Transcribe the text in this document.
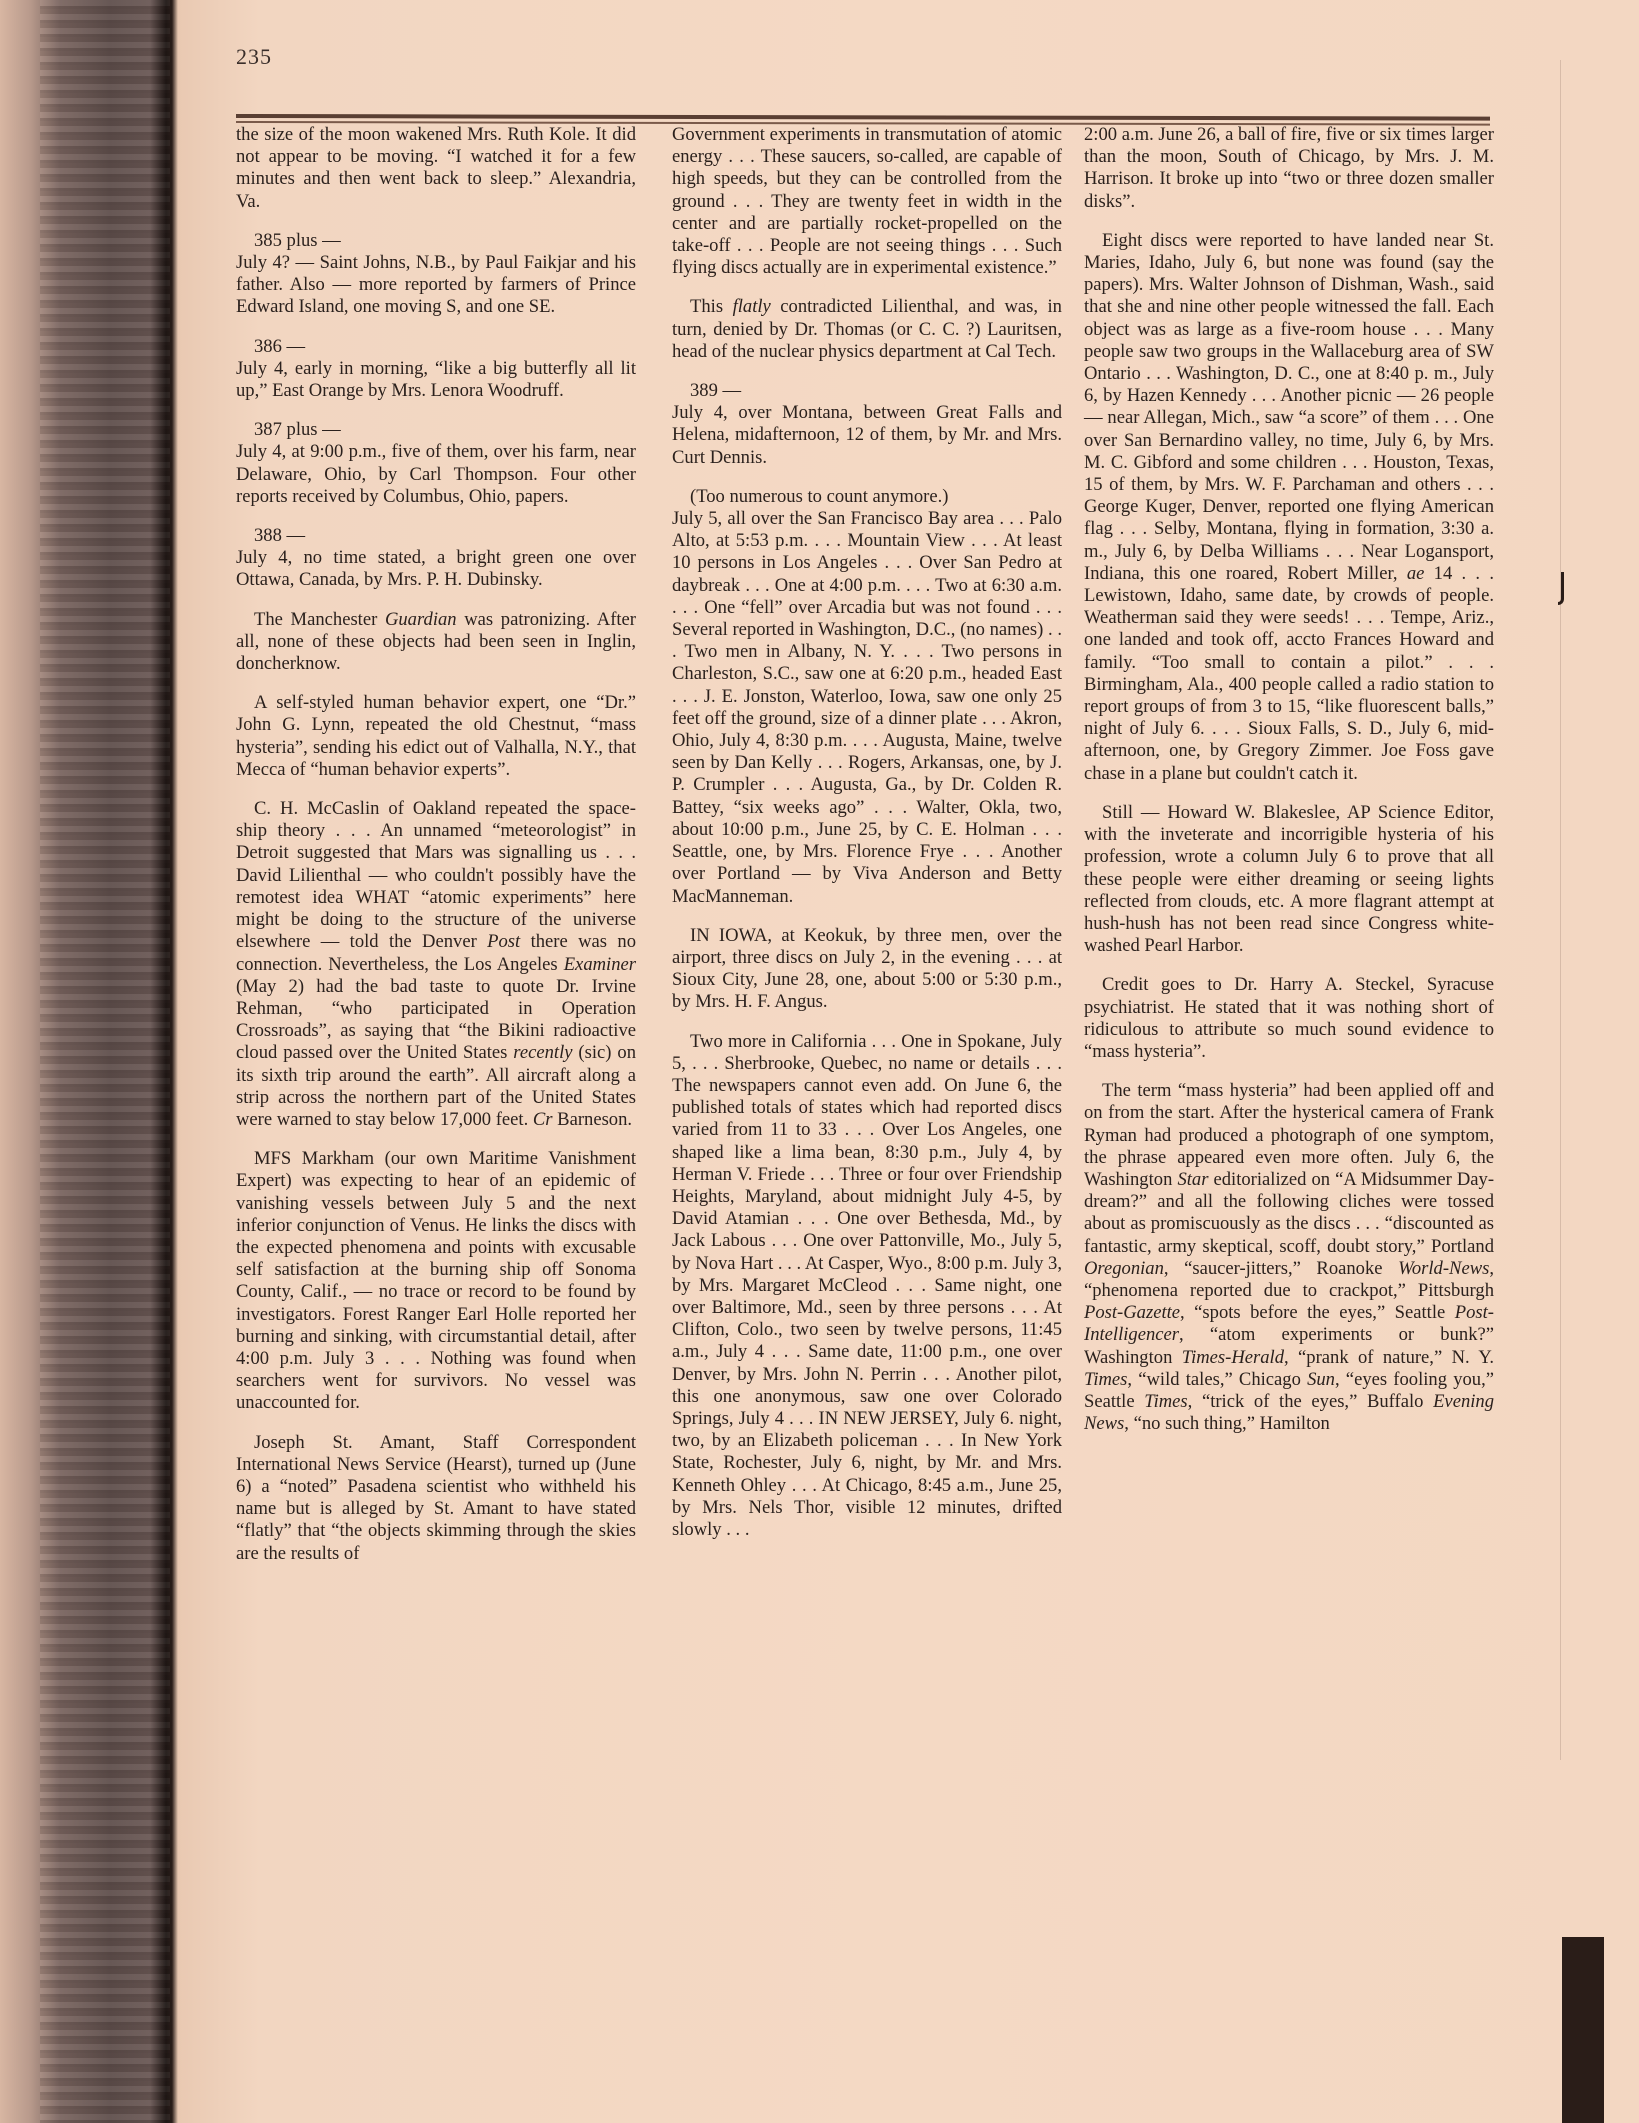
235

the size of the moon wakened Mrs. Ruth Kole. It did not appear to be moving. “I watched it for a few minutes and then went back to sleep.” Alexandria, Va.

385 plus —

July 4? — Saint Johns, N.B., by Paul Faikjar and his father. Also — more reported by farmers of Prince Edward Island, one moving S, and one SE.

386 —

July 4, early in morning, “like a big butterfly all lit up,” East Orange by Mrs. Lenora Woodruff.

387 plus —

July 4, at 9:00 p.m., five of them, over his farm, near Delaware, Ohio, by Carl Thompson. Four other reports received by Columbus, Ohio, papers.

388 —

July 4, no time stated, a bright green one over Ottawa, Canada, by Mrs. P. H. Dubinsky.

The Manchester Guardian was patronizing. After all, none of these objects had been seen in Inglin, doncherknow.

A self-styled human behavior expert, one “Dr.” John G. Lynn, repeated the old Chestnut, “mass hysteria”, sending his edict out of Valhalla, N.Y., that Mecca of “human behavior experts”.

C. H. McCaslin of Oakland repeated the space-ship theory . . . An unnamed “meteorologist” in Detroit suggested that Mars was signalling us . . . David Lilienthal — who couldn't possibly have the remotest idea WHAT “atomic experiments” here might be doing to the structure of the universe elsewhere — told the Denver Post there was no connection. Nevertheless, the Los Angeles Examiner (May 2) had the bad taste to quote Dr. Irvine Rehman, “who participated in Operation Crossroads”, as saying that “the Bikini radioactive cloud passed over the United States recently (sic) on its sixth trip around the earth”. All aircraft along a strip across the northern part of the United States were warned to stay below 17,000 feet. Cr Barneson.

MFS Markham (our own Maritime Vanishment Expert) was expecting to hear of an epidemic of vanishing vessels between July 5 and the next inferior conjunction of Venus. He links the discs with the expected phenomena and points with excusable self satisfaction at the burning ship off Sonoma County, Calif., — no trace or record to be found by investigators. Forest Ranger Earl Holle reported her burning and sinking, with circumstantial detail, after 4:00 p.m. July 3 . . . Nothing was found when searchers went for survivors. No vessel was unaccounted for.

Joseph St. Amant, Staff Correspondent International News Service (Hearst), turned up (June 6) a “noted” Pasadena scientist who withheld his name but is alleged by St. Amant to have stated “flatly” that “the objects skimming through the skies are the results of

Government experiments in transmutation of atomic energy . . . These saucers, so-called, are capable of high speeds, but they can be controlled from the ground . . . They are twenty feet in width in the center and are partially rocket-propelled on the take-off . . . People are not seeing things . . . Such flying discs actually are in experimental existence.”

This flatly contradicted Lilienthal, and was, in turn, denied by Dr. Thomas (or C. C. ?) Lauritsen, head of the nuclear physics department at Cal Tech.

389 —

July 4, over Montana, between Great Falls and Helena, midafternoon, 12 of them, by Mr. and Mrs. Curt Dennis.

(Too numerous to count anymore.)

July 5, all over the San Francisco Bay area . . . Palo Alto, at 5:53 p.m. . . . Mountain View . . . At least 10 persons in Los Angeles . . . Over San Pedro at daybreak . . . One at 4:00 p.m. . . . Two at 6:30 a.m. . . . One “fell” over Arcadia but was not found . . . Several reported in Washington, D.C., (no names) . . . Two men in Albany, N. Y. . . . Two persons in Charleston, S.C., saw one at 6:20 p.m., headed East . . . J. E. Jonston, Waterloo, Iowa, saw one only 25 feet off the ground, size of a dinner plate . . . Akron, Ohio, July 4, 8:30 p.m. . . . Augusta, Maine, twelve seen by Dan Kelly . . . Rogers, Arkansas, one, by J. P. Crumpler . . . Augusta, Ga., by Dr. Colden R. Battey, “six weeks ago” . . . Walter, Okla, two, about 10:00 p.m., June 25, by C. E. Holman . . . Seattle, one, by Mrs. Florence Frye . . . Another over Portland — by Viva Anderson and Betty MacManneman.

IN IOWA, at Keokuk, by three men, over the airport, three discs on July 2, in the evening . . . at Sioux City, June 28, one, about 5:00 or 5:30 p.m., by Mrs. H. F. Angus.

Two more in California . . . One in Spokane, July 5, . . . Sherbrooke, Quebec, no name or details . . . The newspapers cannot even add. On June 6, the published totals of states which had reported discs varied from 11 to 33 . . . Over Los Angeles, one shaped like a lima bean, 8:30 p.m., July 4, by Herman V. Friede . . . Three or four over Friendship Heights, Maryland, about midnight July 4-5, by David Atamian . . . One over Bethesda, Md., by Jack Labous . . . One over Pattonville, Mo., July 5, by Nova Hart . . . At Casper, Wyo., 8:00 p.m. July 3, by Mrs. Margaret McCleod . . . Same night, one over Baltimore, Md., seen by three persons . . . At Clifton, Colo., two seen by twelve persons, 11:45 a.m., July 4 . . . Same date, 11:00 p.m., one over Denver, by Mrs. John N. Perrin . . . Another pilot, this one anonymous, saw one over Colorado Springs, July 4 . . . IN NEW JERSEY, July 6. night, two, by an Elizabeth policeman . . . In New York State, Rochester, July 6, night, by Mr. and Mrs. Kenneth Ohley . . . At Chicago, 8:45 a.m., June 25, by Mrs. Nels Thor, visible 12 minutes, drifted slowly . . .

2:00 a.m. June 26, a ball of fire, five or six times larger than the moon, South of Chicago, by Mrs. J. M. Harrison. It broke up into “two or three dozen smaller disks”.

Eight discs were reported to have landed near St. Maries, Idaho, July 6, but none was found (say the papers). Mrs. Walter Johnson of Dishman, Wash., said that she and nine other people witnessed the fall. Each object was as large as a five-room house . . . Many people saw two groups in the Wallaceburg area of SW Ontario . . . Washington, D. C., one at 8:40 p. m., July 6, by Hazen Kennedy . . . Another picnic — 26 people — near Allegan, Mich., saw “a score” of them . . . One over San Bernardino valley, no time, July 6, by Mrs. M. C. Gibford and some children . . . Houston, Texas, 15 of them, by Mrs. W. F. Parchaman and others . . . George Kuger, Denver, reported one flying American flag . . . Selby, Montana, flying in formation, 3:30 a. m., July 6, by Delba Williams . . . Near Logansport, Indiana, this one roared, Robert Miller, ae 14 . . . Lewistown, Idaho, same date, by crowds of people. Weatherman said they were seeds! . . . Tempe, Ariz., one landed and took off, accto Frances Howard and family. “Too small to contain a pilot.” . . . Birmingham, Ala., 400 people called a radio station to report groups of from 3 to 15, “like fluorescent balls,” night of July 6. . . . Sioux Falls, S. D., July 6, mid-afternoon, one, by Gregory Zimmer. Joe Foss gave chase in a plane but couldn't catch it.

Still — Howard W. Blakeslee, AP Science Editor, with the inveterate and incorrigible hysteria of his profession, wrote a column July 6 to prove that all these people were either dreaming or seeing lights reflected from clouds, etc. A more flagrant attempt at hush-hush has not been read since Congress whitewashed Pearl Harbor.

Credit goes to Dr. Harry A. Steckel, Syracuse psychiatrist. He stated that it was nothing short of ridiculous to attribute so much sound evidence to “mass hysteria”.

The term “mass hysteria” had been applied off and on from the start. After the hysterical camera of Frank Ryman had produced a photograph of one symptom, the phrase appeared even more often. July 6, the Washington Star editorialized on “A Midsummer Daydream?” and all the following cliches were tossed about as promiscuously as the discs . . . “discounted as fantastic, army skeptical, scoff, doubt story,” Portland Oregonian, “saucer-jitters,” Roanoke World-News, “phenomena reported due to crackpot,” Pittsburgh Post-Gazette, “spots before the eyes,” Seattle Post-Intelligencer, “atom experiments or bunk?” Washington Times-Herald, “prank of nature,” N. Y. Times, “wild tales,” Chicago Sun, “eyes fooling you,” Seattle Times, “trick of the eyes,” Buffalo Evening News, “no such thing,” Hamilton
